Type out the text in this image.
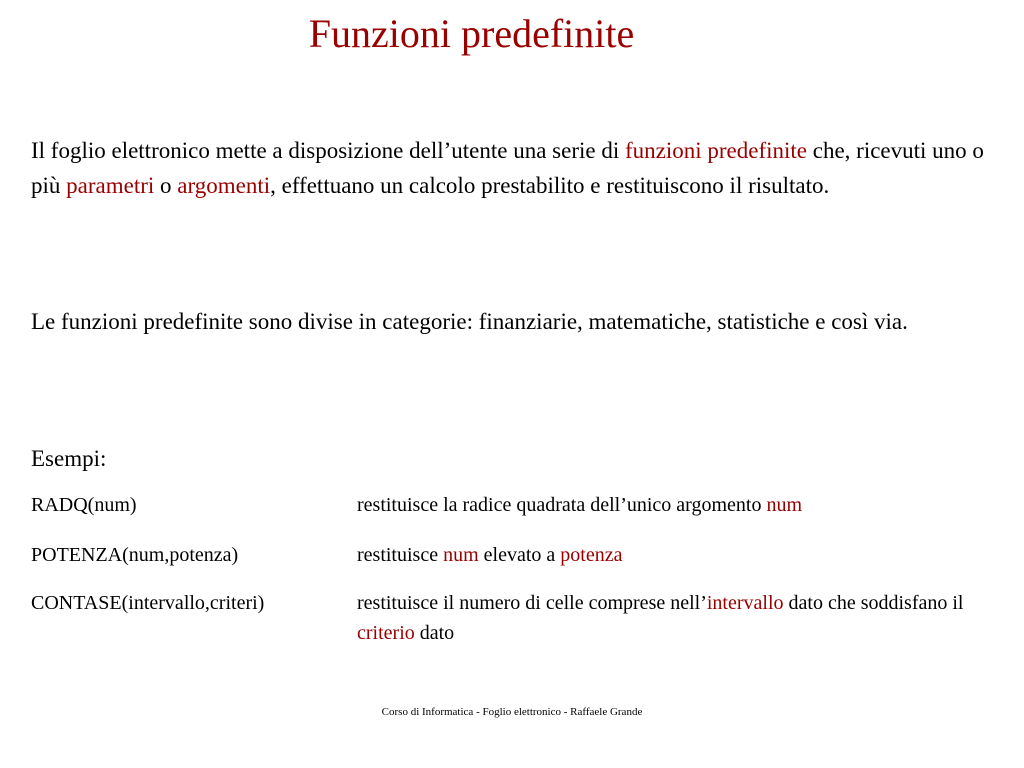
Funzioni predefinite
Il foglio elettronico mette a disposizione dell’utente una serie di funzioni predefinite che, ricevuti uno o più parametri o argomenti, effettuano un calcolo prestabilito e restituiscono il risultato.
Le funzioni predefinite sono divise in categorie: finanziarie, matematiche, statistiche e così via.
Esempi:
RADQ(num)	restituisce la radice quadrata dell’unico argomento num
POTENZA(num,potenza)	restituisce num elevato a potenza
CONTASE(intervallo,criteri)	restituisce il numero di celle comprese nell’intervallo dato che soddisfano il criterio dato
Corso di Informatica - Foglio elettronico - Raffaele Grande
